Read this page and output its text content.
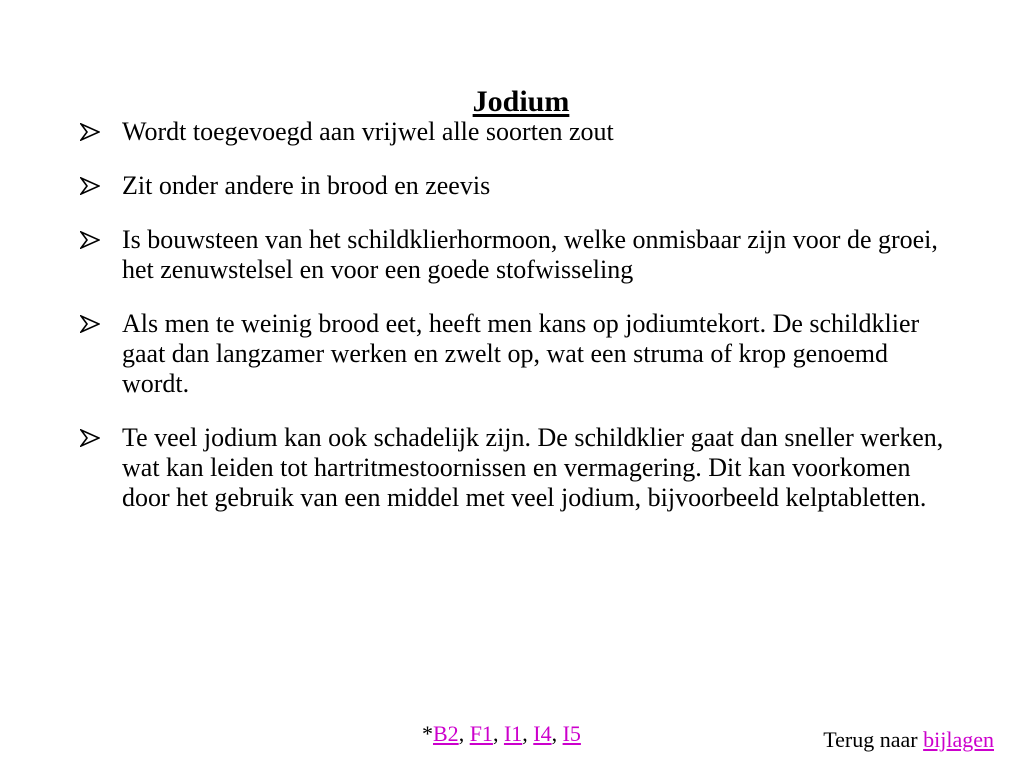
Jodium
Wordt toegevoegd aan vrijwel alle soorten zout
Zit onder andere in brood en zeevis
Is bouwsteen van het schildklierhormoon, welke onmisbaar zijn voor de groei, het zenuwstelsel en voor een goede stofwisseling
Als men te weinig brood eet, heeft men kans op jodiumtekort. De schildklier gaat dan langzamer werken en zwelt op, wat een struma of krop genoemd wordt.
Te veel jodium kan ook schadelijk zijn. De schildklier gaat dan sneller werken, wat kan leiden tot hartritmestoornissen en vermagering. Dit kan voorkomen door het gebruik van een middel met veel jodium, bijvoorbeeld kelptabletten.
*B2, F1, I1, I4, I5	Terug naar bijlagen
